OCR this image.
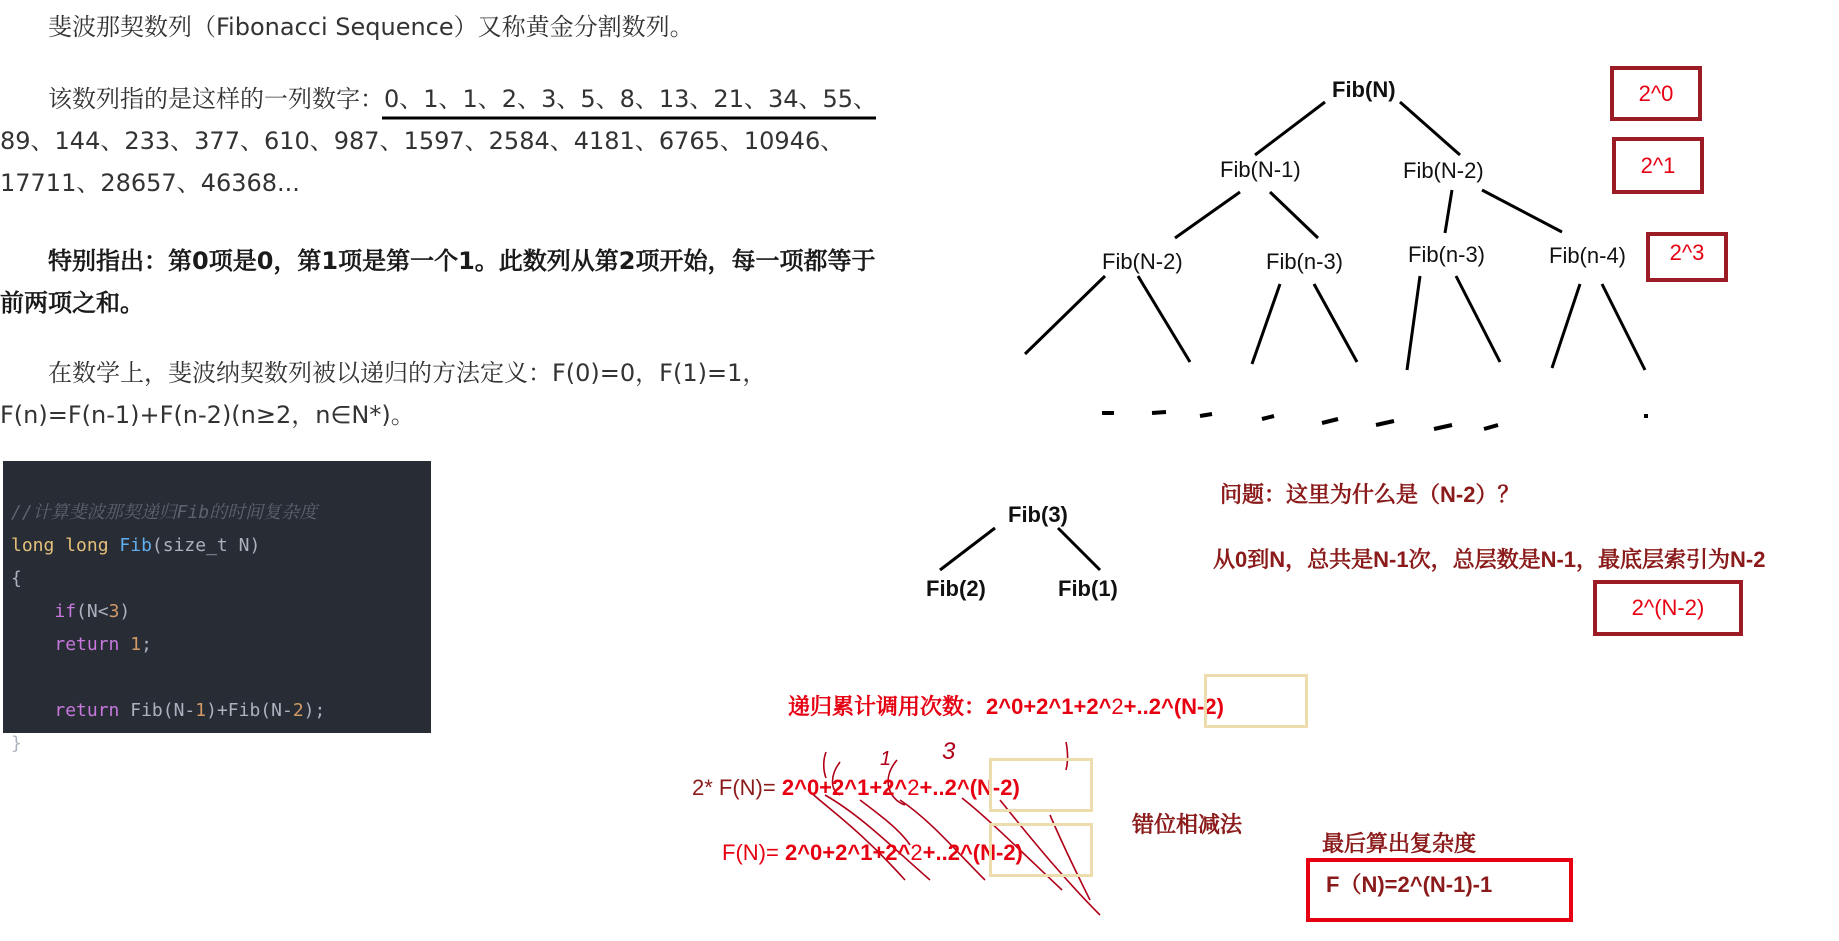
斐波那契数列（Fibonacci Sequence）又称黄金分割数列。

该数列指的是这样的一列数字：0、1、1、2、3、5、8、13、21、34、55、89、144、233、377、610、987、1597、2584、4181、6765、10946、17711、28657、46368...

特别指出：第0项是0，第1项是第一个1。此数列从第2项开始，每一项都等于前两项之和。

在数学上，斐波纳契数列被以递归的方法定义：F(0)=0，F(1)=1，F(n)=F(n-1)+F(n-2)(n≥2，n∈N*)。

//计算斐波那契递归Fib的时间复杂度
long long Fib(size_t N)
{
if(N<3)
return 1;
return Fib(N-1)+Fib(N-2);
}

Fib(N)
Fib(N-1)	Fib(N-2)
Fib(N-2)	Fib(n-3)	Fib(n-3)	Fib(n-4)
Fib(3)
Fib(2)	Fib(1)
2^0
2^1
2^3
2^(N-2)
问题：这里为什么是（N-2）？
从0到N，总共是N-1次，总层数是N-1，最底层索引为N-2
递归累计调用次数：2^0+2^1+2^2+..2^(N-2)
2* F(N)= 2^0+2^1+2^2+..2^(N-2)
F(N)= 2^0+2^1+2^2+..2^(N-2)
1 3
错位相减法
最后算出复杂度
F（N)=2^(N-1)-1
